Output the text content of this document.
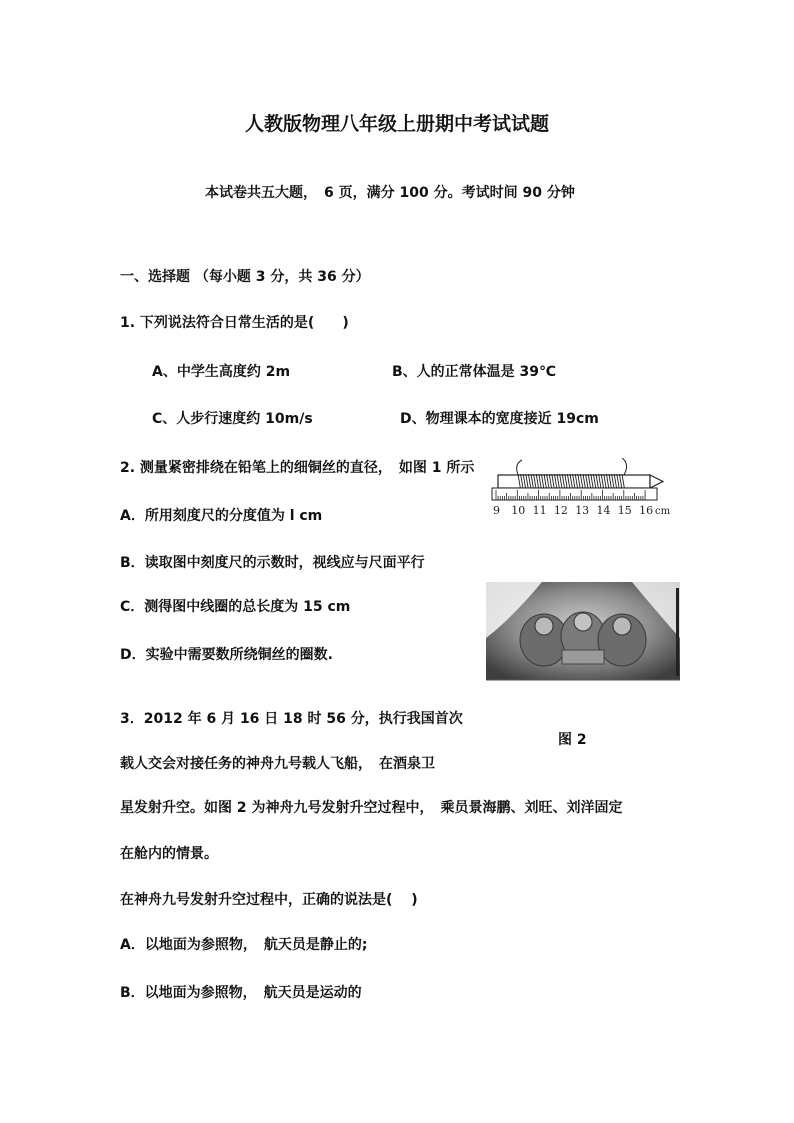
人教版物理八年级上册期中考试试题
本试卷共五大题，　6 页，满分 100 分。考试时间 90 分钟
一、选择题 （每小题 3 分，共 36 分）
1. 下列说法符合日常生活的是(　　)
A、中学生高度约 2m	B、人的正常体温是 39℃
C、人步行速度约 10m/s	D、物理课本的宽度接近 19cm
2. 测量紧密排绕在铅笔上的细铜丝的直径，　如图 1 所示
A．所用刻度尺的分度值为 l cm
B．读取图中刻度尺的示数时，视线应与尺面平行
C．测得图中线圈的总长度为 15 cm
D．实验中需要数所绕铜丝的圈数.
9 10 11 12 13 14 15 16 cm
图 2
3．2012 年 6 月 16 日 18 时 56 分，执行我国首次
载人交会对接任务的神舟九号载人飞船，　在酒泉卫
星发射升空。如图 2 为神舟九号发射升空过程中，　乘员景海鹏、刘旺、刘洋固定
在舱内的情景。
在神舟九号发射升空过程中，正确的说法是(　 )
A．以地面为参照物，　航天员是静止的;
B．以地面为参照物，　航天员是运动的
